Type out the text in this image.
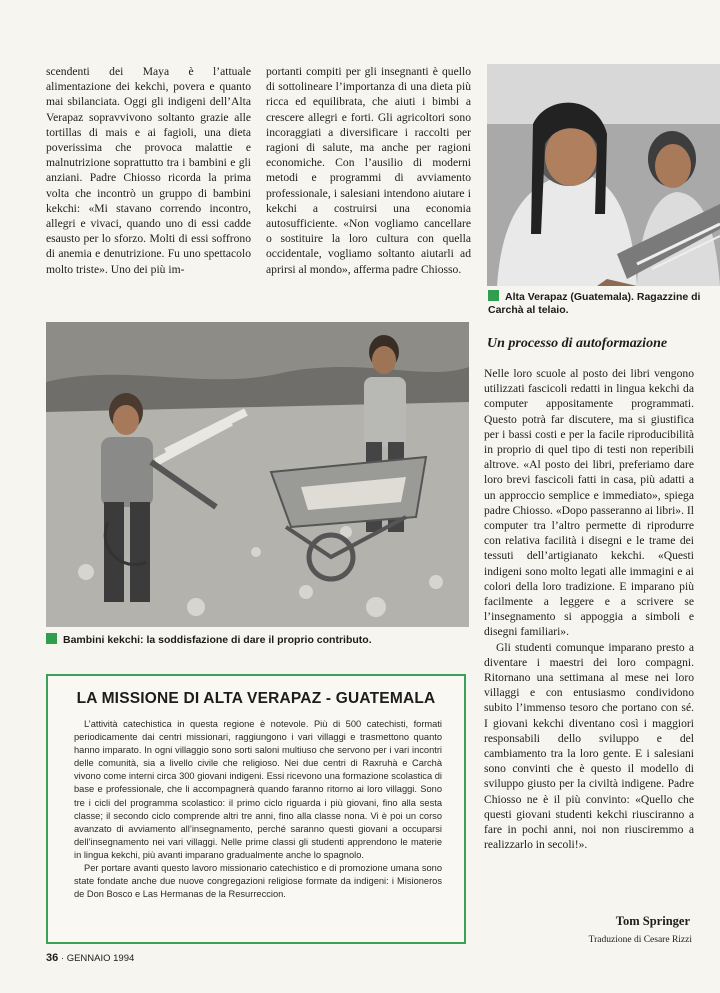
scendenti dei Maya è l’attuale alimentazione dei kekchi, povera e quanto mai sbilanciata. Oggi gli indigeni dell’Alta Verapaz sopravvivono soltanto grazie alle tortillas di mais e ai fagioli, una dieta poverissima che provoca malattie e malnutrizione soprattutto tra i bambini e gli anziani. Padre Chiosso ricorda la prima volta che incontrò un gruppo di bambini kekchi: «Mi stavano correndo incontro, allegri e vivaci, quando uno di essi cadde esausto per lo sforzo. Molti di essi soffrono di anemia e denutrizione. Fu uno spettacolo molto triste». Uno dei più im-

portanti compiti per gli insegnanti è quello di sottolineare l’importanza di una dieta più ricca ed equilibrata, che aiuti i bimbi a crescere allegri e forti. Gli agricoltori sono incoraggiati a diversificare i raccolti per ragioni di salute, ma anche per ragioni economiche. Con l’ausilio di moderni metodi e programmi di avviamento professionale, i salesiani intendono aiutare i kekchi a costruirsi una economia autosufficiente. «Non vogliamo cancellare o sostituire la loro cultura con quella occidentale, vogliamo soltanto aiutarli ad aprirsi al mondo», afferma padre Chiosso.

Alta Verapaz (Guatemala). Ragazzine di Carchà al telaio.
Un processo di autoformazione

Nelle loro scuole al posto dei libri vengono utilizzati fascicoli redatti in lingua kekchi da computer appositamente programmati. Questo potrà far discutere, ma si giustifica per i bassi costi e per la facile riproducibilità in proprio di quel tipo di testi non reperibili altrove. «Al posto dei libri, preferiamo dare loro brevi fascicoli fatti in casa, più adatti a un approccio semplice e immediato», spiega padre Chiosso. «Dopo passeranno ai libri». Il computer tra l’altro permette di riprodurre con relativa facilità i disegni e le trame dei tessuti dell’artigianato kekchi. «Questi indigeni sono molto legati alle immagini e ai colori della loro tradizione. E imparano più facilmente a leggere e a scrivere se l’insegnamento si appoggia a simboli e disegni familiari».

Gli studenti comunque imparano presto a diventare i maestri dei loro compagni. Ritornano una settimana al mese nei loro villaggi e con entusiasmo condividono subito l’immenso tesoro che portano con sé. I giovani kekchi diventano così i maggiori responsabili dello sviluppo e del cambiamento tra la loro gente. E i salesiani sono convinti che è questo il modello di sviluppo giusto per la civiltà indigene. Padre Chiosso ne è il più convinto: «Quello che questi giovani studenti kekchi riusciranno a fare in pochi anni, noi non riusciremmo a realizzarlo in secoli!».

Bambini kekchi: la soddisfazione di dare il proprio contributo.
LA MISSIONE DI ALTA VERAPAZ - GUATEMALA

L’attività catechistica in questa regione è notevole. Più di 500 catechisti, formati periodicamente dai centri missionari, raggiungono i vari villaggi e trasmettono quanto hanno imparato. In ogni villaggio sono sorti saloni multiuso che servono per i vari incontri delle comunità, sia a livello civile che religioso. Nei due centri di Raxruhà e Carchà vivono come interni circa 300 giovani indigeni. Essi ricevono una formazione scolastica di base e professionale, che li accompagnerà quando faranno ritorno ai loro villaggi. Sono tre i cicli del programma scolastico: il primo ciclo riguarda i più giovani, fino alla sesta classe; il secondo ciclo comprende altri tre anni, fino alla classe nona. Vi è poi un corso avanzato di avviamento all’insegnamento, perché saranno questi giovani a occuparsi dell’insegnamento nei vari villaggi. Nelle prime classi gli studenti apprendono le materie in lingua kekchi, più avanti imparano gradualmente anche lo spagnolo.

Per portare avanti questo lavoro missionario catechistico e di promozione umana sono state fondate anche due nuove congregazioni religiose formate da indigeni: i Misioneros de Don Bosco e Las Hermanas de la Resurreccion.

Tom Springer
Traduzione di Cesare Rizzi
36 · GENNAIO 1994
